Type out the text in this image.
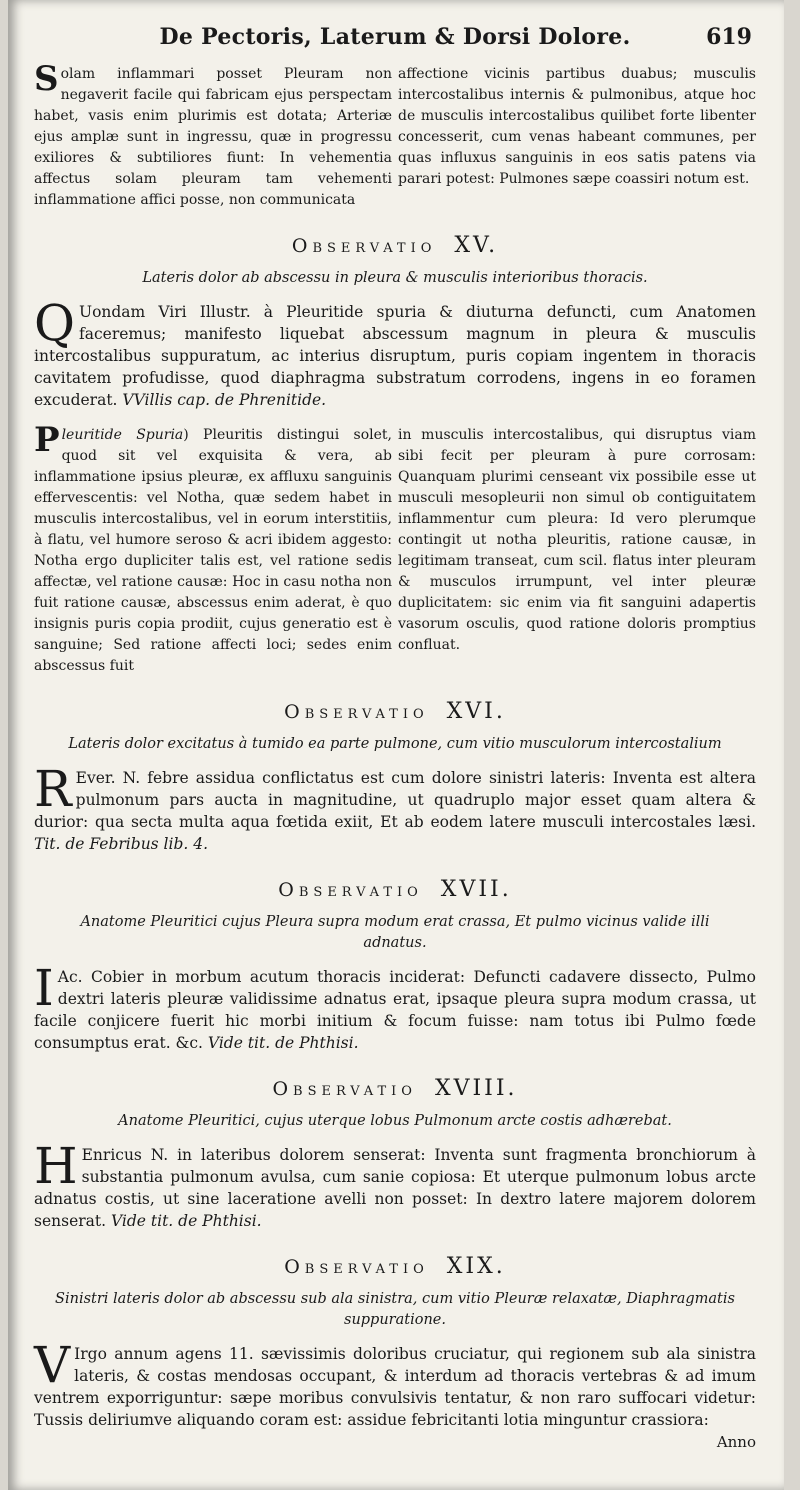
De Pectoris, Laterum & Dorsi Dolore.	619
Solam inflammari posset Pleuram non negaverit facile qui fabricam ejus perspectam habet, vasis enim plurimis est dotata; Arteriæ ejus amplæ sunt in ingressu, quæ in progressu exiliores & subtiliores fiunt: In vehementia affectus solam pleuram tam vehementi inflammatione affici posse, non communicata
affectione vicinis partibus duabus; musculis intercostalibus internis & pulmonibus, atque hoc de musculis intercostalibus quilibet forte libenter concesserit, cum venas habeant communes, per quas influxus sanguinis in eos satis patens via parari potest: Pulmones sæpe coassiri notum est.
Observatio XV.
Lateris dolor ab abscessu in pleura & musculis interioribus thoracis.
Q Uondam Viri Illustr. à Pleuritide spuria & diuturna defuncti, cum Anatomen faceremus; manifesto liquebat abscessum magnum in pleura & musculis intercostalibus suppuratum, ac interius disruptum, puris copiam ingentem in thoracis cavitatem profudisse, quod diaphragma substratum corrodens, ingens in eo foramen excuderat. VVillis cap. de Phrenitide.
Pleuritide Spuria) Pleuritis distingui solet, quod sit vel exquisita & vera, ab inflammatione ipsius pleuræ, ex affluxu sanguinis effervescentis: vel Notha, quæ sedem habet in musculis intercostalibus, vel in eorum interstitiis, à flatu, vel humore seroso & acri ibidem aggesto: Notha ergo dupliciter talis est, vel ratione sedis affectæ, vel ratione causæ: Hoc in casu notha non fuit ratione causæ, abscessus enim aderat, è quo insignis puris copia prodiit, cujus generatio est è sanguine; Sed ratione affecti loci; sedes enim abscessus fuit
in musculis intercostalibus, qui disruptus viam sibi fecit per pleuram à pure corrosam: Quanquam plurimi censeant vix possibile esse ut musculi mesopleurii non simul ob contiguitatem inflammentur cum pleura: Id vero plerumque contingit ut notha pleuritis, ratione causæ, in legitimam transeat, cum scil. flatus inter pleuram & musculos irrumpunt, vel inter pleuræ duplicitatem: sic enim via fit sanguini adapertis vasorum osculis, quod ratione doloris promptius confluat.
Observatio XVI.
Lateris dolor excitatus à tumido ea parte pulmone, cum vitio musculorum intercostalium
R Ever. N. febre assidua conflictatus est cum dolore sinistri lateris: Inventa est altera pulmonum pars aucta in magnitudine, ut quadruplo major esset quam altera & durior: qua secta multa aqua fœtida exiit, Et ab eodem latere musculi intercostales læsi. Tit. de Febribus lib. 4.
Observatio XVII.
Anatome Pleuritici cujus Pleura supra modum erat crassa, Et pulmo vicinus valide illi adnatus.
I Ac. Cobier in morbum acutum thoracis inciderat: Defuncti cadavere dissecto, Pulmo dextri lateris pleuræ validissime adnatus erat, ipsaque pleura supra modum crassa, ut facile conjicere fuerit hic morbi initium & focum fuisse: nam totus ibi Pulmo fœde consumptus erat. &c. Vide tit. de Phthisi.
Observatio XVIII.
Anatome Pleuritici, cujus uterque lobus Pulmonum arcte costis adhærebat.
H Enricus N. in lateribus dolorem senserat: Inventa sunt fragmenta bronchiorum à substantia pulmonum avulsa, cum sanie copiosa: Et uterque pulmonum lobus arcte adnatus costis, ut sine laceratione avelli non posset: In dextro latere majorem dolorem senserat. Vide tit. de Phthisi.
Observatio XIX.
Sinistri lateris dolor ab abscessu sub ala sinistra, cum vitio Pleuræ relaxatæ, Diaphragmatis suppuratione.
V Irgo annum agens 11. sævissimis doloribus cruciatur, qui regionem sub ala sinistra lateris, & costas mendosas occupant, & interdum ad thoracis vertebras & ad imum ventrem exporriguntur: sæpe moribus convulsivis tentatur, & non raro suffocari videtur: Tussis deliriumve aliquando coram est: assidue febricitanti lotia minguntur crassiora:
Anno
